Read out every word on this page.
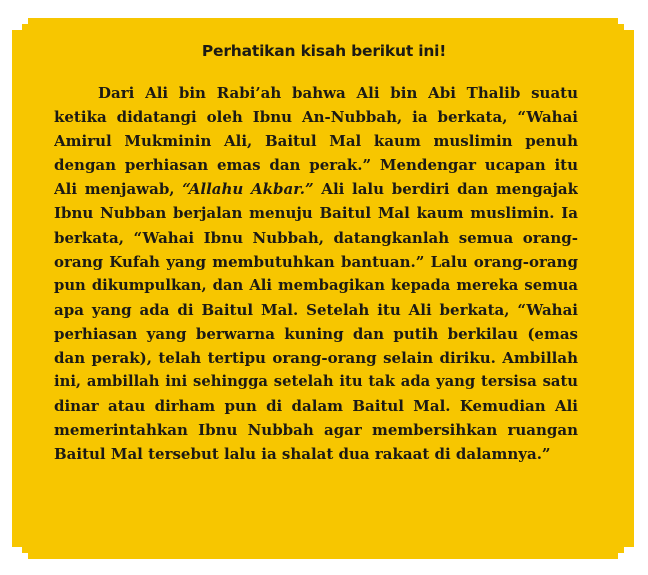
Perhatikan kisah berikut ini!
Dari Ali bin Rabi’ah bahwa Ali bin Abi Thalib suatu
ketika didatangi oleh Ibnu An-Nubbah, ia berkata, “Wahai
Amirul Mukminin Ali, Baitul Mal kaum muslimin penuh
dengan perhiasan emas dan perak.” Mendengar ucapan itu
Ali menjawab, “Allahu Akbar.” Ali lalu berdiri dan mengajak
Ibnu Nubban berjalan menuju Baitul Mal kaum muslimin. Ia
berkata, “Wahai Ibnu Nubbah, datangkanlah semua orang-
orang Kufah yang membutuhkan bantuan.” Lalu orang-orang
pun dikumpulkan, dan Ali membagikan kepada mereka semua
apa yang ada di Baitul Mal. Setelah itu Ali berkata, “Wahai
perhiasan yang berwarna kuning dan putih berkilau (emas
dan perak), telah tertipu orang-orang selain diriku. Ambillah
ini, ambillah ini sehingga setelah itu tak ada yang tersisa satu
dinar atau dirham pun di dalam Baitul Mal. Kemudian Ali
memerintahkan Ibnu Nubbah agar membersihkan ruangan
Baitul Mal tersebut lalu ia shalat dua rakaat di dalamnya.”
